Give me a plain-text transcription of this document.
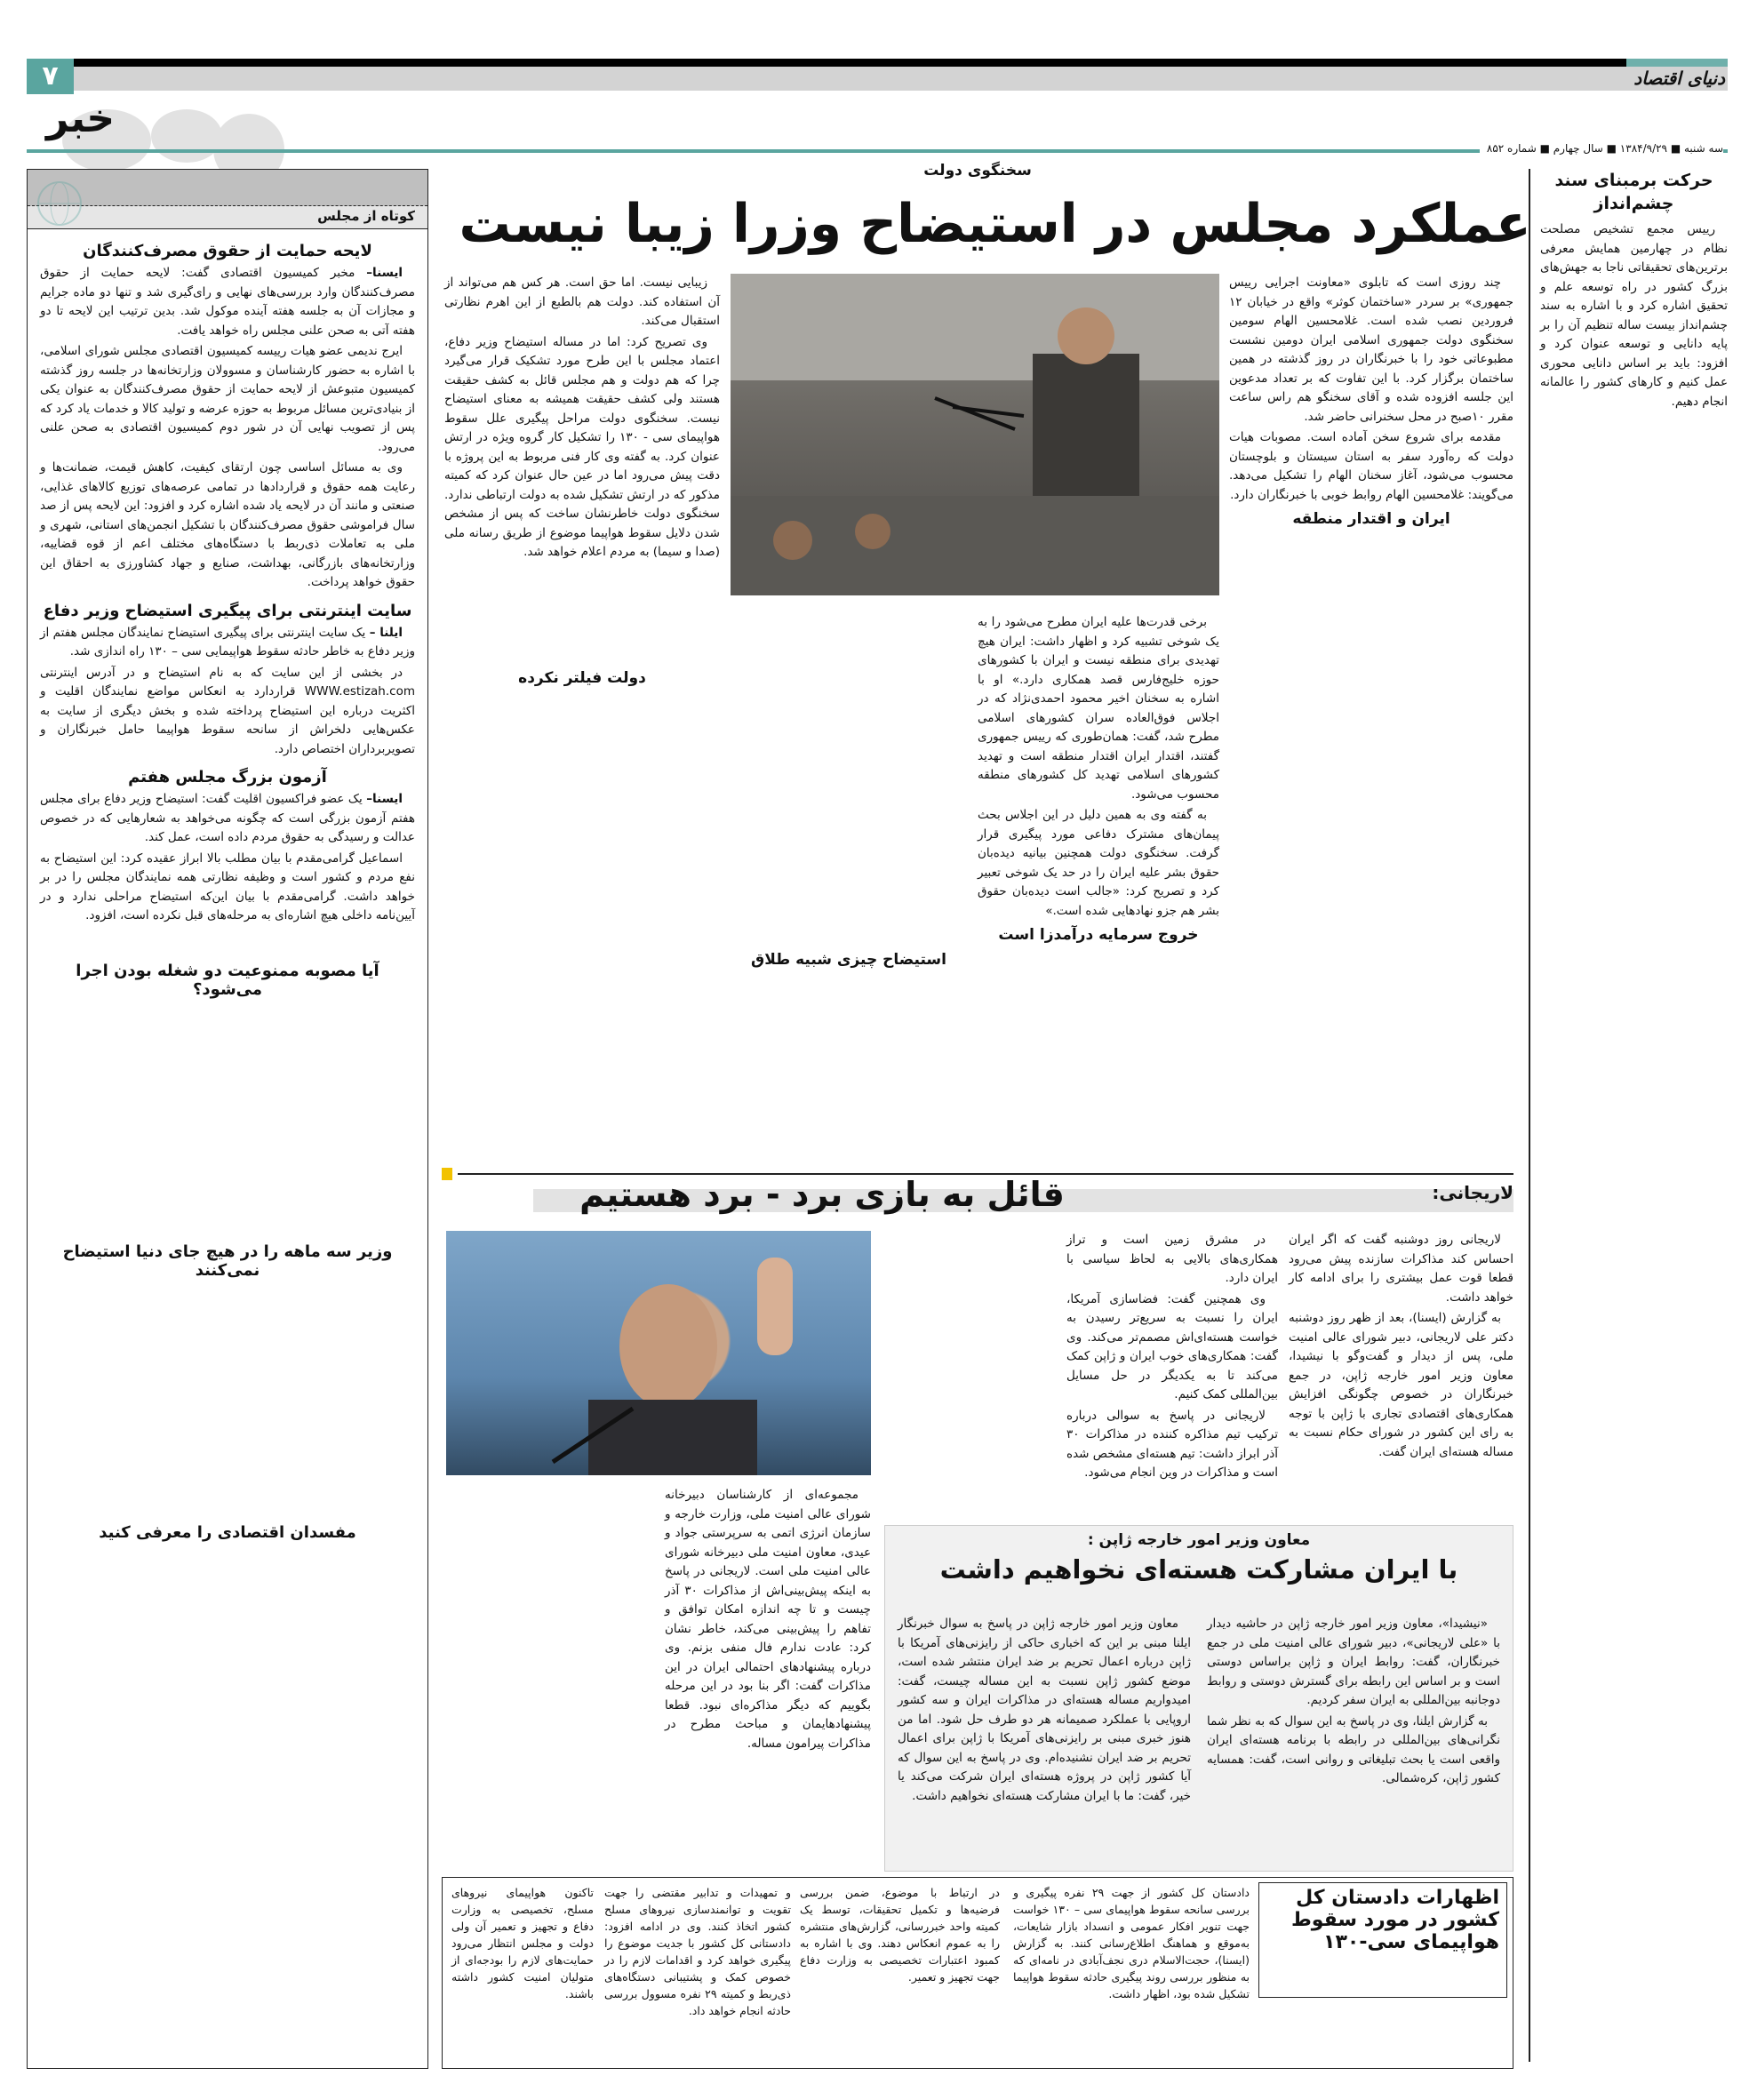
۷	دنیای اقتصاد
خبر
سه شنبه ■ ۱۳۸۴/۹/۲۹ ■ سال چهارم ■ شماره ۸۵۲
حرکت برمبنای سند چشم‌انداز

رییس مجمع تشخیص مصلحت نظام در چهارمین همایش معرفی برترین‌های تحقیقاتی ناجا به جهش‌های بزرگ کشور در راه توسعه علم و تحقیق اشاره کرد و با اشاره به سند چشم‌انداز بیست ساله تنظیم آن را بر پایه دانایی و توسعه عنوان کرد و افزود: باید بر اساس دانایی محوری عمل کنیم و کارهای کشور را عالمانه انجام دهیم.

کوتاه از مجلس
لایحه حمایت از حقوق مصرف‌کنندگان

ایسنا– مخبر کمیسیون اقتصادی گفت: لایحه حمایت از حقوق مصرف‌کنندگان وارد بررسی‌های نهایی و رای‌گیری شد و تنها دو ماده جرایم و مجازات آن به جلسه هفته آینده موکول شد. بدین ترتیب این لایحه تا دو هفته آتی به صحن علنی مجلس راه خواهد یافت.

ایرج ندیمی عضو هیات رییسه کمیسیون اقتصادی مجلس شورای اسلامی، با اشاره به حضور کارشناسان و مسوولان وزارتخانه‌ها در جلسه روز گذشته کمیسیون متبوعش از لایحه حمایت از حقوق مصرف‌کنندگان به عنوان یکی از بنیادی‌ترین مسائل مربوط به حوزه عرضه و تولید کالا و خدمات یاد کرد که پس از تصویب نهایی آن در شور دوم کمیسیون اقتصادی به صحن علنی می‌رود.

وی به مسائل اساسی چون ارتقای کیفیت، کاهش قیمت، ضمانت‌ها و رعایت همه حقوق و قراردادها در تمامی عرصه‌های توزیع کالاهای غذایی، صنعتی و مانند آن در لایحه یاد شده اشاره کرد و افزود: این لایحه پس از صد سال فراموشی حقوق مصرف‌کنندگان با تشکیل انجمن‌های استانی، شهری و ملی به تعاملات ذی‌ربط با دستگاه‌های مختلف اعم از قوه قضاییه، وزارتخانه‌های بازرگانی، بهداشت، صنایع و جهاد کشاورزی به احقاق این حقوق خواهد پرداخت.

سایت اینترنتی برای پیگیری استیضاح وزیر دفاع

ایلنا – یک سایت اینترنتی برای پیگیری استیضاح نمایندگان مجلس هفتم از وزیر دفاع به خاطر حادثه سقوط هواپیمایی سی – ۱۳۰ راه اندازی شد.

در بخشی از این سایت که به نام استیضاح و در آدرس اینترنتی WWW.estizah.com قراردارد به انعکاس مواضع نمایندگان اقلیت و اکثریت درباره این استیضاح پرداخته شده و بخش دیگری از سایت به عکس‌هایی دلخراش از سانحه سقوط هواپیما حامل خبرنگاران و تصویربرداران اختصاص دارد.

آزمون بزرگ مجلس هفتم

ایسنا– یک عضو فراکسیون اقلیت گفت: استیضاح وزیر دفاع برای مجلس هفتم آزمون بزرگی است که چگونه می‌خواهد به شعارهایی که در خصوص عدالت و رسیدگی به حقوق مردم داده است، عمل کند.

اسماعیل گرامی‌مقدم با بیان مطلب بالا ابراز عقیده کرد: این استیضاح به نفع مردم و کشور است و وظیفه نظارتی همه نمایندگان مجلس را در بر خواهد داشت. گرامی‌مقدم با بیان این‌که استیضاح مراحلی ندارد و در آیین‌نامه داخلی هیچ اشاره‌ای به مرحله‌های قبل نکرده است، افزود.

آیا مصوبه ممنوعیت دو شغله بودن اجرا می‌شود؟
وزیر سه ماهه را در هیچ جای دنیا استیضاح نمی‌کنند
مفسدان اقتصادی را معرفی کنید
سخنگوی دولت
عملکرد مجلس در استیضاح وزرا زیبا نیست

چند روزی است که تابلوی «معاونت اجرایی رییس جمهوری» بر سردر «ساختمان کوثر» واقع در خیابان ۱۲ فروردین نصب شده است. غلامحسین الهام سومین سخنگوی دولت جمهوری اسلامی ایران دومین نشست مطبوعاتی خود را با خبرنگاران در روز گذشته در همین ساختمان برگزار کرد. با این تفاوت که بر تعداد مدعوین این جلسه افزوده شده و آقای سخنگو هم راس ساعت مقرر ۱۰صبح در محل سخنرانی حاضر شد.

مقدمه برای شروع سخن آماده است. مصوبات هیات دولت که ره‌آورد سفر به استان سیستان و بلوچستان محسوب می‌شود، آغاز سخنان الهام را تشکیل می‌دهد. می‌گویند: غلامحسین الهام روابط خوبی با خبرنگاران دارد.

ایران و اقتدار منطقه

برخی قدرت‌ها علیه ایران مطرح می‌شود را به یک شوخی تشبیه کرد و اظهار داشت: ایران هیچ تهدیدی برای منطقه نیست و ایران با کشورهای حوزه خلیج‌فارس قصد همکاری دارد.» او با اشاره به سخنان اخیر محمود احمدی‌نژاد که در اجلاس فوق‌العاده سران کشورهای اسلامی مطرح شد، گفت: همان‌طوری که رییس جمهوری گفتند، اقتدار ایران اقتدار منطقه است و تهدید کشورهای اسلامی تهدید کل کشورهای منطقه محسوب می‌شود.

به گفته وی به همین دلیل در این اجلاس بحث پیمان‌های مشترک دفاعی مورد پیگیری قرار گرفت. سخنگوی دولت همچنین بیانیه دیده‌بان حقوق بشر علیه ایران را در حد یک شوخی تعبیر کرد و تصریح کرد: «جالب است دیده‌بان حقوق بشر هم جزو نهادهایی شده است.»

خروج سرمایه درآمدزا است
استیضاح چیزی شبیه طلاق

زیبایی نیست. اما حق است. هر کس هم می‌تواند از آن استفاده کند. دولت هم بالطبع از این اهرم نظارتی استقبال می‌کند.

وی تصریح کرد: اما در مساله استیضاح وزیر دفاع، اعتماد مجلس با این طرح مورد تشکیک قرار می‌گیرد چرا که هم دولت و هم مجلس قائل به کشف حقیقت هستند ولی کشف حقیقت همیشه به معنای استیضاح نیست. سخنگوی دولت مراحل پیگیری علل سقوط هواپیمای سی - ۱۳۰ را تشکیل کار گروه ویژه در ارتش عنوان کرد. به گفته وی کار فنی مربوط به این پروژه با دقت پیش می‌رود اما در عین حال عنوان کرد که کمیته مذکور که در ارتش تشکیل شده به دولت ارتباطی ندارد. سخنگوی دولت خاطرنشان ساخت که پس از مشخص شدن دلایل سقوط هواپیما موضوع از طریق رسانه ملی (صدا و سیما) به مردم اعلام خواهد شد.

دولت فیلتر نکرده
لاریجانی:
قائل به بازی برد - برد هستیم

لاریجانی روز دوشنبه گفت که اگر ایران احساس کند مذاکرات سازنده پیش می‌رود قطعا قوت عمل بیشتری را برای ادامه کار خواهد داشت.

به گزارش (ایسنا)، بعد از ظهر روز دوشنبه دکتر علی لاریجانی، دبیر شورای عالی امنیت ملی، پس از دیدار و گفت‌وگو با نیشیدا، معاون وزیر امور خارجه ژاپن، در جمع خبرنگاران در خصوص چگونگی افزایش همکاری‌های اقتصادی تجاری با ژاپن با توجه به رای این کشور در شورای حکام نسبت به مساله هسته‌ای ایران گفت.

در مشرق زمین است و تراز همکاری‌های بالایی به لحاظ سیاسی با ایران دارد.

وی همچنین گفت: فضاسازی آمریکا، ایران را نسبت به سریع‌تر رسیدن به خواست هسته‌ای‌اش مصمم‌تر می‌کند. وی گفت: همکاری‌های خوب ایران و ژاپن کمک می‌کند تا به یکدیگر در حل مسایل بین‌المللی کمک کنیم.

لاریجانی در پاسخ به سوالی درباره ترکیب تیم مذاکره کننده در مذاکرات ۳۰ آذر ابراز داشت: تیم هسته‌ای مشخص شده است و مذاکرات در وین انجام می‌شود.

مجموعه‌ای از کارشناسان دبیرخانه شورای عالی امنیت ملی، وزارت خارجه و سازمان انرژی اتمی به سرپرستی جواد و عیدی، معاون امنیت ملی دبیرخانه شورای عالی امنیت ملی است. لاریجانی در پاسخ به اینکه پیش‌بینی‌اش از مذاکرات ۳۰ آذر چیست و تا چه اندازه امکان توافق و تفاهم را پیش‌بینی می‌کند، خاطر نشان کرد: عادت ندارم فال منفی بزنم. وی درباره پیشنهادهای احتمالی ایران در این مذاکرات گفت: اگر بنا بود در این مرحله بگوییم که دیگر مذاکره‌ای نبود. قطعا پیشنهادهایمان و مباحث مطرح در مذاکرات پیرامون مساله.

معاون وزیر امور خارجه ژاپن :
با ایران مشارکت هسته‌ای نخواهیم داشت

«نیشیدا»، معاون وزیر امور خارجه ژاپن در حاشیه دیدار با «علی لاریجانی»، دبیر شورای عالی امنیت ملی در جمع خبرنگاران، گفت: روابط ایران و ژاپن براساس دوستی است و بر اساس این رابطه برای گسترش دوستی و روابط دوجانبه بین‌المللی به ایران سفر کردیم.

به گزارش ایلنا، وی در پاسخ به این سوال که به نظر شما نگرانی‌های بین‌المللی در رابطه با برنامه هسته‌ای ایران واقعی است یا بحث تبلیغاتی و روانی است، گفت: همسایه کشور ژاپن، کره‌شمالی.

معاون وزیر امور خارجه ژاپن در پاسخ به سوال خبرنگار ایلنا مبنی بر این که اخباری حاکی از رایزنی‌های آمریکا با ژاپن درباره اعمال تحریم بر ضد ایران منتشر شده است، موضع کشور ژاپن نسبت به این مساله چیست، گفت: امیدواریم مساله هسته‌ای در مذاکرات ایران و سه کشور اروپایی با عملکرد صمیمانه هر دو طرف حل شود. اما من هنوز خبری مبنی بر رایزنی‌های آمریکا با ژاپن برای اعمال تحریم بر ضد ایران نشنیده‌ام. وی در پاسخ به این سوال که آیا کشور ژاپن در پروژه هسته‌ای ایران شرکت می‌کند یا خیر، گفت: ما با ایران مشارکت هسته‌ای نخواهیم داشت.

اظهارات دادستان کل کشور در مورد سقوط هواپیمای سی-۱۳۰
دادستان کل کشور از جهت ۲۹ نفره پیگیری و بررسی سانحه سقوط هواپیمای سی – ۱۳۰ خواست جهت تنویر افکار عمومی و انسداد بازار شایعات، به‌موقع و هماهنگ اطلاع‌رسانی کنند. به گزارش (ایسنا)، حجت‌الاسلام دری نجف‌آبادی در نامه‌ای که به منظور بررسی روند پیگیری حادثه سقوط هواپیما تشکیل شده بود، اظهار داشت.
در ارتباط با موضوع، ضمن بررسی فرضیه‌ها و تکمیل تحقیقات، توسط یک کمیته واحد خبررسانی، گزارش‌های منتشره را به عموم انعکاس دهند. وی با اشاره به کمبود اعتبارات تخصیصی به وزارت دفاع جهت تجهیز و تعمیر.
و تمهیدات و تدابیر مقتضی را جهت تقویت و توانمندسازی نیروهای مسلح کشور اتخاذ کنند. وی در ادامه افزود: دادستانی کل کشور با جدیت موضوع را پیگیری خواهد کرد و اقدامات لازم را در خصوص کمک و پشتیبانی دستگاه‌های ذی‌ربط و کمیته ۲۹ نفره مسوول بررسی حادثه انجام خواهد داد.
تاکنون هواپیمای نیروهای مسلح، تخصیصی به وزارت دفاع و تجهیز و تعمیر آن ولی دولت و مجلس انتظار می‌رود حمایت‌های لازم را بودجه‌ای از متولیان امنیت کشور داشته باشند.
